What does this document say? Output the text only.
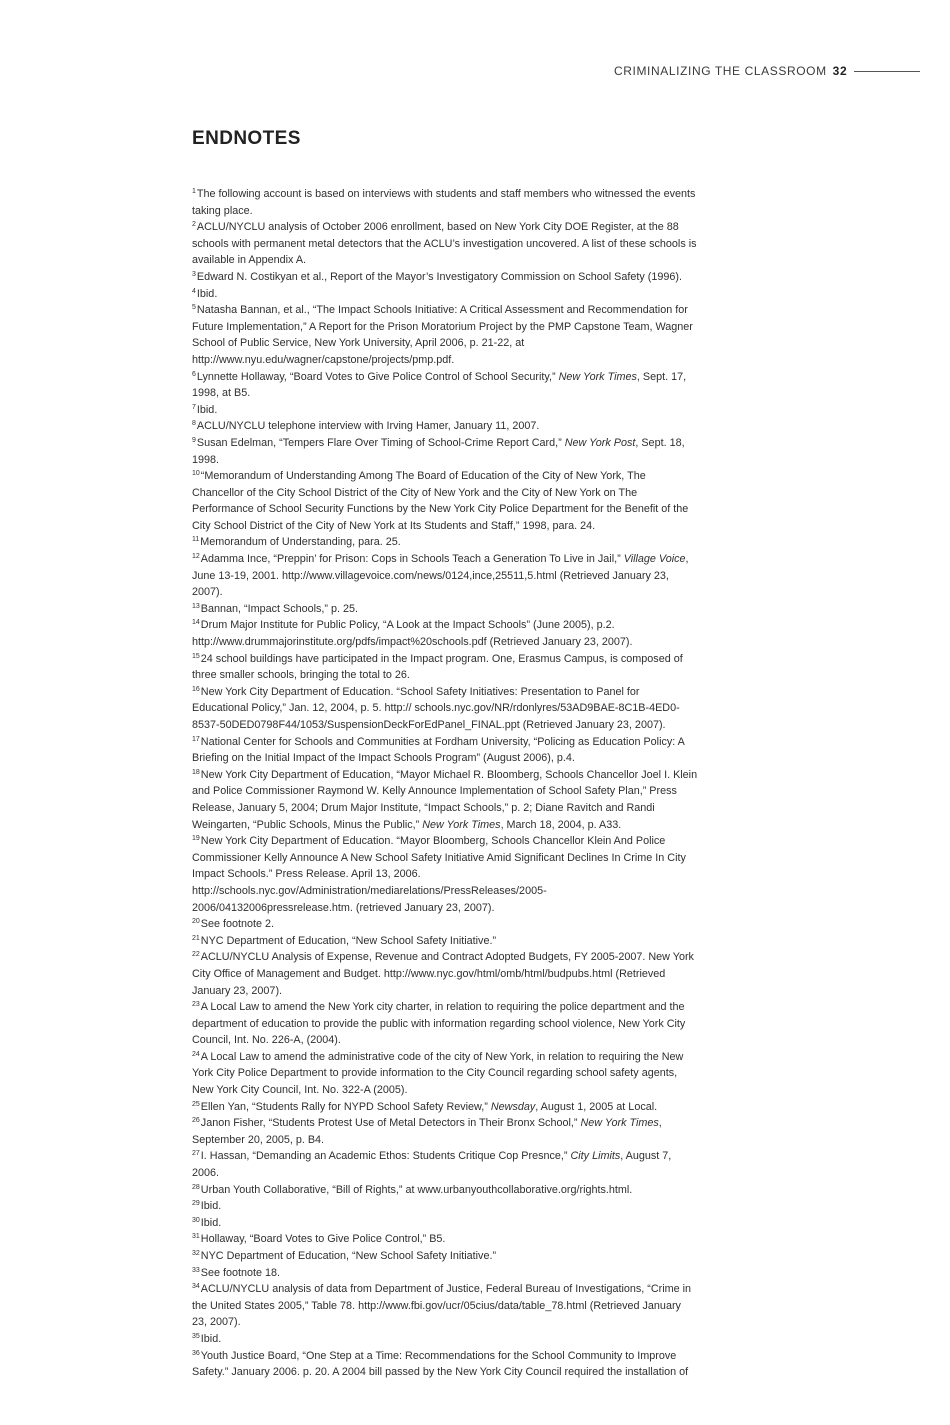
CRIMINALIZING THE CLASSROOM 32
ENDNOTES

$^1$The following account is based on interviews with students and staff members who witnessed the events taking place.

$^2$ACLU/NYCLU analysis of October 2006 enrollment, based on New York City DOE Register, at the 88 schools with permanent metal detectors that the ACLU’s investigation uncovered. A list of these schools is available in Appendix A.

$^3$Edward N. Costikyan et al., Report of the Mayor’s Investigatory Commission on School Safety (1996).

$^4$Ibid.

$^5$Natasha Bannan, et al., “The Impact Schools Initiative: A Critical Assessment and Recommendation for Future Implementation,” A Report for the Prison Moratorium Project by the PMP Capstone Team, Wagner School of Public Service, New York University, April 2006, p. 21-22, at http://www.nyu.edu/wagner/capstone/projects/pmp.pdf.

$^6$Lynnette Hollaway, “Board Votes to Give Police Control of School Security,” New York Times, Sept. 17, 1998, at B5.

$^7$Ibid.

$^8$ACLU/NYCLU telephone interview with Irving Hamer, January 11, 2007.

$^9$Susan Edelman, “Tempers Flare Over Timing of School-Crime Report Card,” New York Post, Sept. 18, 1998.

$^{10}$“Memorandum of Understanding Among The Board of Education of the City of New York, The Chancellor of the City School District of the City of New York and the City of New York on The Performance of School Security Functions by the New York City Police Department for the Benefit of the City School District of the City of New York at Its Students and Staff,” 1998, para. 24.

$^{11}$Memorandum of Understanding, para. 25.

$^{12}$Adamma Ince, “Preppin’ for Prison: Cops in Schools Teach a Generation To Live in Jail,” Village Voice, June 13-19, 2001. http://www.villagevoice.com/news/0124,ince,25511,5.html (Retrieved January 23, 2007).

$^{13}$Bannan, “Impact Schools,” p. 25.

$^{14}$Drum Major Institute for Public Policy, “A Look at the Impact Schools” (June 2005), p.2. http://www.drummajorinstitute.org/pdfs/impact%20schools.pdf (Retrieved January 23, 2007).

$^{15}$24 school buildings have participated in the Impact program. One, Erasmus Campus, is composed of three smaller schools, bringing the total to 26.

$^{16}$New York City Department of Education. “School Safety Initiatives: Presentation to Panel for Educational Policy,” Jan. 12, 2004, p. 5. http:// schools.nyc.gov/NR/rdonlyres/53AD9BAE-8C1B-4ED0-8537-50DED0798F44/1053/SuspensionDeckForEdPanel_FINAL.ppt (Retrieved January 23, 2007).

$^{17}$National Center for Schools and Communities at Fordham University, “Policing as Education Policy: A Briefing on the Initial Impact of the Impact Schools Program” (August 2006), p.4.

$^{18}$New York City Department of Education, “Mayor Michael R. Bloomberg, Schools Chancellor Joel I. Klein and Police Commissioner Raymond W. Kelly Announce Implementation of School Safety Plan,” Press Release, January 5, 2004; Drum Major Institute, “Impact Schools,” p. 2; Diane Ravitch and Randi Weingarten, “Public Schools, Minus the Public,” New York Times, March 18, 2004, p. A33.

$^{19}$New York City Department of Education. “Mayor Bloomberg, Schools Chancellor Klein And Police Commissioner Kelly Announce A New School Safety Initiative Amid Significant Declines In Crime In City Impact Schools.” Press Release. April 13, 2006. http://schools.nyc.gov/Administration/mediarelations/PressReleases/2005-2006/04132006pressrelease.htm. (retrieved January 23, 2007).

$^{20}$See footnote 2.

$^{21}$NYC Department of Education, “New School Safety Initiative.”

$^{22}$ACLU/NYCLU Analysis of Expense, Revenue and Contract Adopted Budgets, FY 2005-2007. New York City Office of Management and Budget. http://www.nyc.gov/html/omb/html/budpubs.html (Retrieved January 23, 2007).

$^{23}$A Local Law to amend the New York city charter, in relation to requiring the police department and the department of education to provide the public with information regarding school violence, New York City Council, Int. No. 226-A, (2004).

$^{24}$A Local Law to amend the administrative code of the city of New York, in relation to requiring the New York City Police Department to provide information to the City Council regarding school safety agents, New York City Council, Int. No. 322-A (2005).

$^{25}$Ellen Yan, “Students Rally for NYPD School Safety Review,” Newsday, August 1, 2005 at Local.

$^{26}$Janon Fisher, “Students Protest Use of Metal Detectors in Their Bronx School,” New York Times, September 20, 2005, p. B4.

$^{27}$I. Hassan, “Demanding an Academic Ethos: Students Critique Cop Presnce,” City Limits, August 7, 2006.

$^{28}$Urban Youth Collaborative, “Bill of Rights,” at www.urbanyouthcollaborative.org/rights.html.

$^{29}$Ibid.

$^{30}$Ibid.

$^{31}$Hollaway, “Board Votes to Give Police Control,” B5.

$^{32}$NYC Department of Education, “New School Safety Initiative.”

$^{33}$See footnote 18.

$^{34}$ACLU/NYCLU analysis of data from Department of Justice, Federal Bureau of Investigations, “Crime in the United States 2005,” Table 78. http://www.fbi.gov/ucr/05cius/data/table_78.html (Retrieved January 23, 2007).

$^{35}$Ibid.

$^{36}$Youth Justice Board, “One Step at a Time: Recommendations for the School Community to Improve Safety.” January 2006. p. 20. A 2004 bill passed by the New York City Council required the installation of
